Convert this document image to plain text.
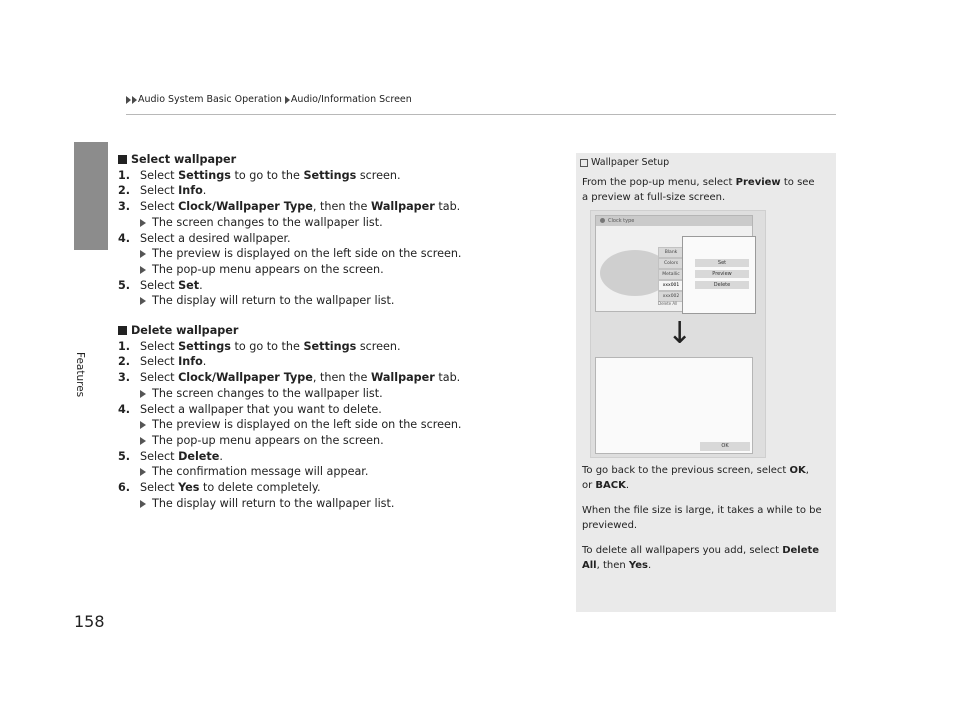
Audio System Basic Operation Audio/Information Screen
Features
158
Select wallpaper
1. Select Settings to go to the Settings screen.
2. Select Info.
3. Select Clock/Wallpaper Type, then the Wallpaper tab.
The screen changes to the wallpaper list.
4. Select a desired wallpaper.
The preview is displayed on the left side on the screen.
The pop-up menu appears on the screen.
5. Select Set.
The display will return to the wallpaper list.
Delete wallpaper
1. Select Settings to go to the Settings screen.
2. Select Info.
3. Select Clock/Wallpaper Type, then the Wallpaper tab.
The screen changes to the wallpaper list.
4. Select a wallpaper that you want to delete.
The preview is displayed on the left side on the screen.
The pop-up menu appears on the screen.
5. Select Delete.
The confirmation message will appear.
6. Select Yes to delete completely.
The display will return to the wallpaper list.
Wallpaper Setup
From the pop-up menu, select Preview to see a preview at full-size screen.
To go back to the previous screen, select OK, or BACK.
When the file size is large, it takes a while to be previewed.
To delete all wallpapers you add, select Delete All, then Yes.
Clock type
Blank
Colors
Metallic
xxx001
xxx002
Set
Preview
Delete
Delete All
↓
OK
